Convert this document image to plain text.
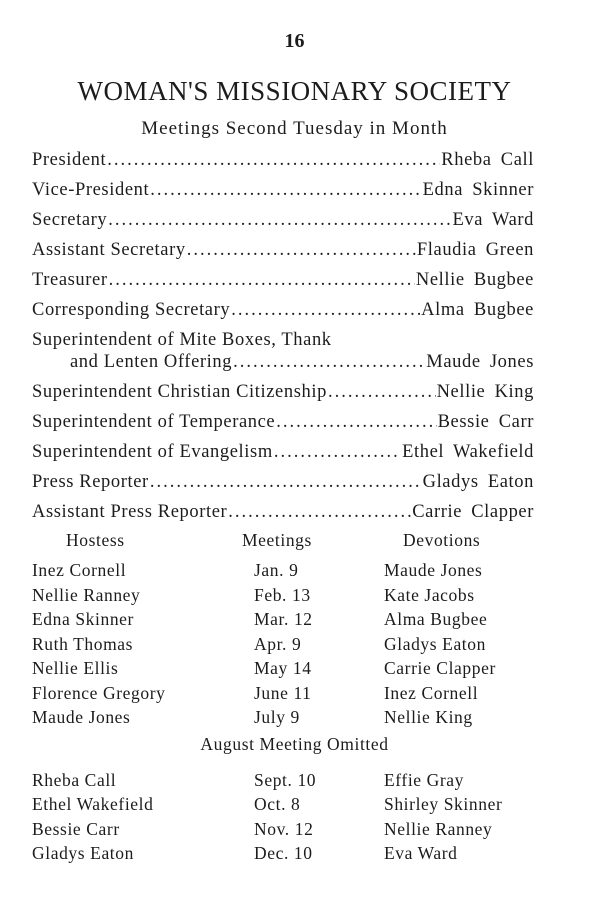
16
WOMAN'S MISSIONARY SOCIETY
Meetings Second Tuesday in Month
President .....	Rheba Call
Vice-President .....	Edna Skinner
Secretary .....	Eva Ward
Assistant Secretary .....	Flaudia Green
Treasurer .....	Nellie Bugbee
Corresponding Secretary .....	Alma Bugbee
Superintendent of Mite Boxes, Thank
and Lenten Offering .....	Maude Jones
Superintendent Christian Citizenship .....	Nellie King
Superintendent of Temperance .....	Bessie Carr
Superintendent of Evangelism .....	Ethel Wakefield
Press Reporter .....	Gladys Eaton
Assistant Press Reporter .....	Carrie Clapper
Hostess	Meetings	Devotions
Inez Cornell	Jan. 9	Maude Jones
Nellie Ranney	Feb. 13	Kate Jacobs
Edna Skinner	Mar. 12	Alma Bugbee
Ruth Thomas	Apr. 9	Gladys Eaton
Nellie Ellis	May 14	Carrie Clapper
Florence Gregory	June 11	Inez Cornell
Maude Jones	July 9	Nellie King
August Meeting Omitted
Rheba Call	Sept. 10	Effie Gray
Ethel Wakefield	Oct. 8	Shirley Skinner
Bessie Carr	Nov. 12	Nellie Ranney
Gladys Eaton	Dec. 10	Eva Ward
